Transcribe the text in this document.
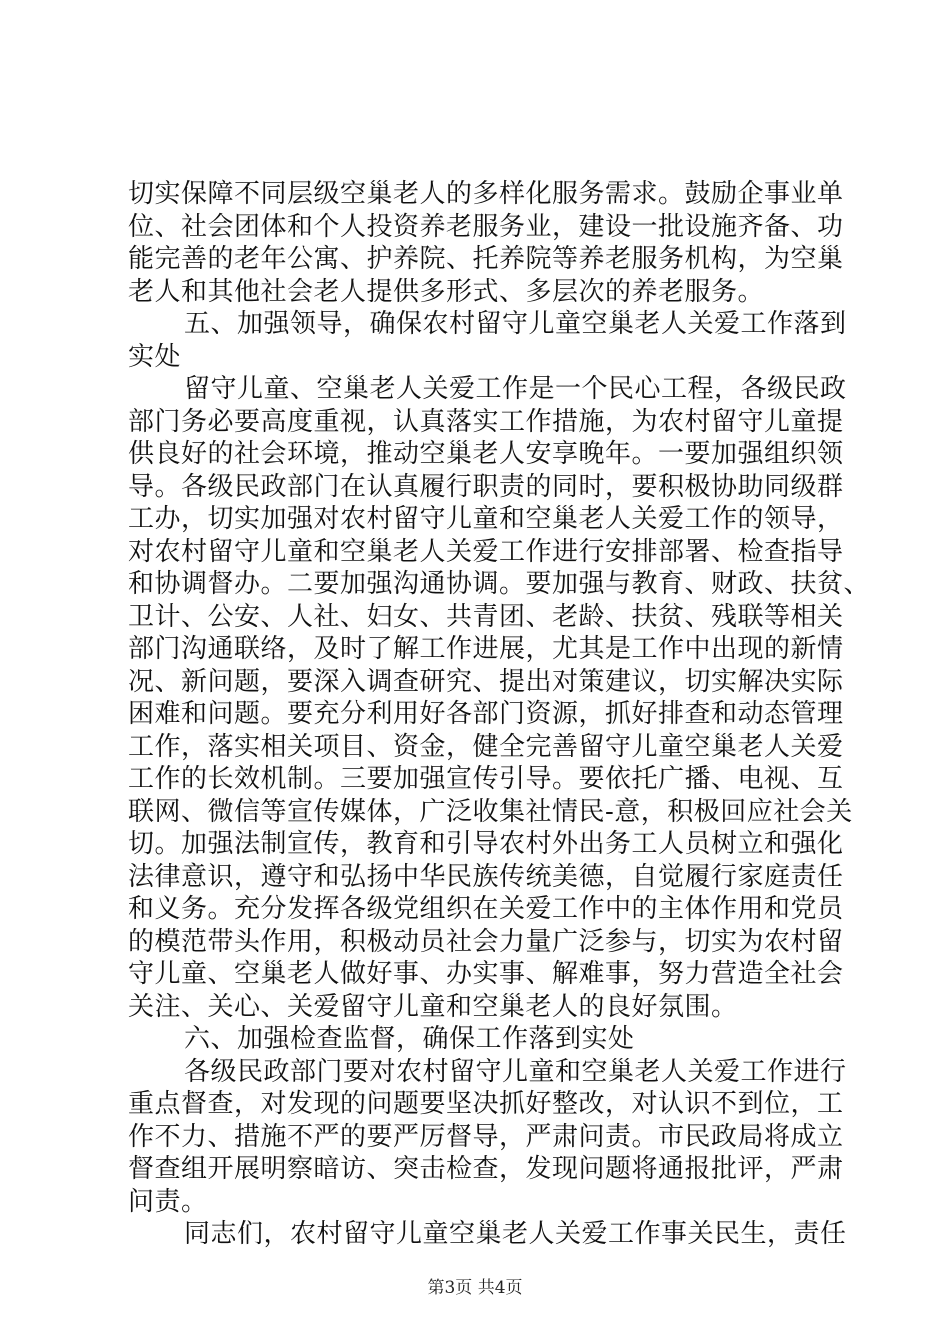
切实保障不同层级空巢老人的多样化服务需求。鼓励企事业单
位、社会团体和个人投资养老服务业，建设一批设施齐备、功
能完善的老年公寓、护养院、托养院等养老服务机构，为空巢
老人和其他社会老人提供多形式、多层次的养老服务。
五、加强领导，确保农村留守儿童空巢老人关爱工作落到
实处
留守儿童、空巢老人关爱工作是一个民心工程，各级民政
部门务必要高度重视，认真落实工作措施，为农村留守儿童提
供良好的社会环境，推动空巢老人安享晚年。一要加强组织领
导。各级民政部门在认真履行职责的同时，要积极协助同级群
工办，切实加强对农村留守儿童和空巢老人关爱工作的领导，
对农村留守儿童和空巢老人关爱工作进行安排部署、检查指导
和协调督办。二要加强沟通协调。要加强与教育、财政、扶贫、
卫计、公安、人社、妇女、共青团、老龄、扶贫、残联等相关
部门沟通联络，及时了解工作进展，尤其是工作中出现的新情
况、新问题，要深入调查研究、提出对策建议，切实解决实际
困难和问题。要充分利用好各部门资源，抓好排查和动态管理
工作，落实相关项目、资金，健全完善留守儿童空巢老人关爱
工作的长效机制。三要加强宣传引导。要依托广播、电视、互
联网、微信等宣传媒体，广泛收集社情民-意，积极回应社会关
切。加强法制宣传，教育和引导农村外出务工人员树立和强化
法律意识，遵守和弘扬中华民族传统美德，自觉履行家庭责任
和义务。充分发挥各级党组织在关爱工作中的主体作用和党员
的模范带头作用，积极动员社会力量广泛参与，切实为农村留
守儿童、空巢老人做好事、办实事、解难事，努力营造全社会
关注、关心、关爱留守儿童和空巢老人的良好氛围。
六、加强检查监督，确保工作落到实处
各级民政部门要对农村留守儿童和空巢老人关爱工作进行
重点督查，对发现的问题要坚决抓好整改，对认识不到位，工
作不力、措施不严的要严厉督导，严肃问责。市民政局将成立
督查组开展明察暗访、突击检查，发现问题将通报批评，严肃
问责。
同志们，农村留守儿童空巢老人关爱工作事关民生，责任
第3页 共4页
